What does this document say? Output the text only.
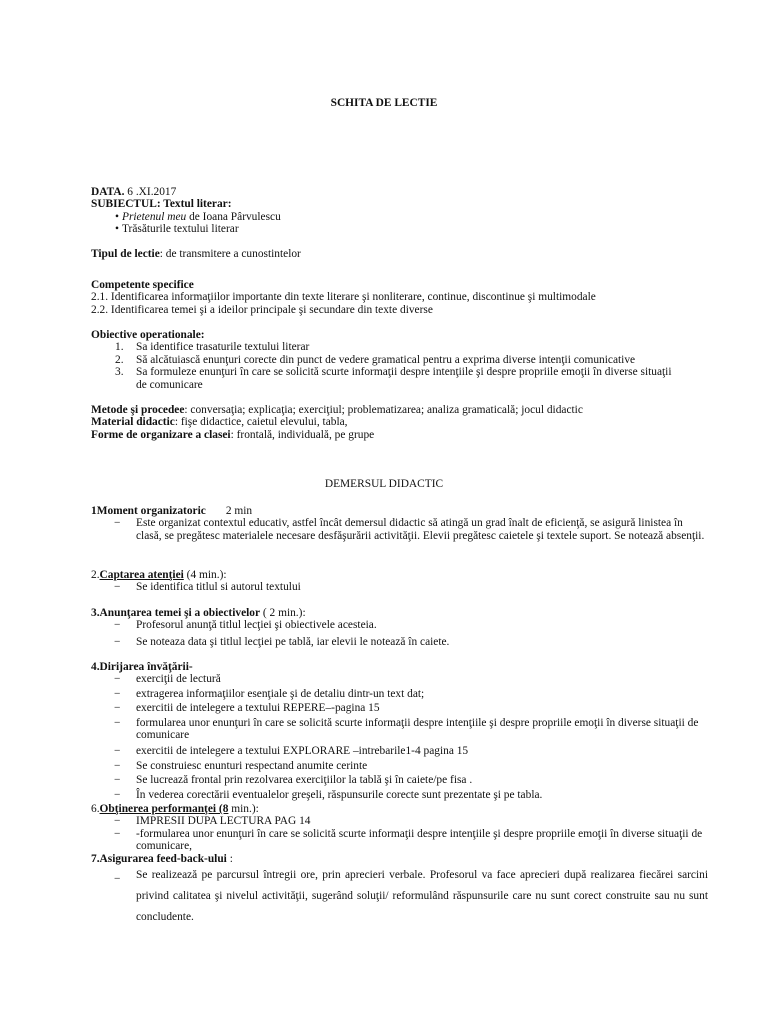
SCHITA DE LECTIE
DATA. 6 .XI.2017
SUBIECTUL: Textul literar:
• Prietenul meu de Ioana Pârvulescu
• Trăsăturile textului literar
Tipul de lectie: de transmitere a cunostintelor
Competente specifice
2.1. Identificarea informaţiilor importante din texte literare şi nonliterare, continue, discontinue şi multimodale
2.2. Identificarea temei şi a ideilor principale şi secundare din texte diverse
Obiective operationale:
1. Sa identifice trasaturile textului literar
2. Să alcătuiască enunţuri corecte din punct de vedere gramatical pentru a exprima diverse intenţii comunicative
3. Sa formuleze enunţuri în care se solicită scurte informaţii despre intenţiile şi despre propriile emoţii în diverse situaţii de comunicare
Metode şi procedee: conversaţia; explicaţia; exerciţiul; problematizarea; analiza gramaticală; jocul didactic
Material didactic: fişe didactice, caietul elevului, tabla,
Forme de organizare a clasei: frontală, individuală, pe grupe
DEMERSUL DIDACTIC
1Moment organizatoric 2 min
− Este organizat contextul educativ, astfel încât demersul didactic să atingă un grad înalt de eficienţă, se asigură linistea în clasă, se pregătesc materialele necesare desfăşurării activităţii. Elevii pregătesc caietele şi textele suport. Se notează absenţii.
2.Captarea atenţiei (4 min.):
− Se identifica titlul si autorul textului
3.Anunţarea temei şi a obiectivelor ( 2 min.):
− Profesorul anunţă titlul lecţiei şi obiectivele acesteia.
− Se noteaza data şi titlul lecţiei pe tablă, iar elevii le notează în caiete.
4.Dirijarea învăţării-
− exerciţii de lectură
− extragerea informaţiilor esenţiale şi de detaliu dintr-un text dat;
− exercitii de intelegere a textului REPERE–-pagina 15
− formularea unor enunţuri în care se solicită scurte informaţii despre intenţiile şi despre propriile emoţii în diverse situaţii de comunicare
− exercitii de intelegere a textului EXPLORARE –intrebarile1-4 pagina 15
− Se construiesc enunturi respectand anumite cerinte
− Se lucrează frontal prin rezolvarea exerciţiilor la tablă şi în caiete/pe fisa .
− În vederea corectării eventualelor greşeli, răspunsurile corecte sunt prezentate şi pe tabla.
6.Obţinerea performanţei (8 min.):
− IMPRESII DUPA LECTURA PAG 14
− -formularea unor enunţuri în care se solicită scurte informaţii despre intenţiile şi despre propriile emoţii în diverse situaţii de comunicare,
7.Asigurarea feed-back-ului :
− Se realizează pe parcursul întregii ore, prin aprecieri verbale. Profesorul va face aprecieri după realizarea fiecărei sarcini privind calitatea şi nivelul activităţii, sugerând soluţii/ reformulând răspunsurile care nu sunt corect construite sau nu sunt concludente.
